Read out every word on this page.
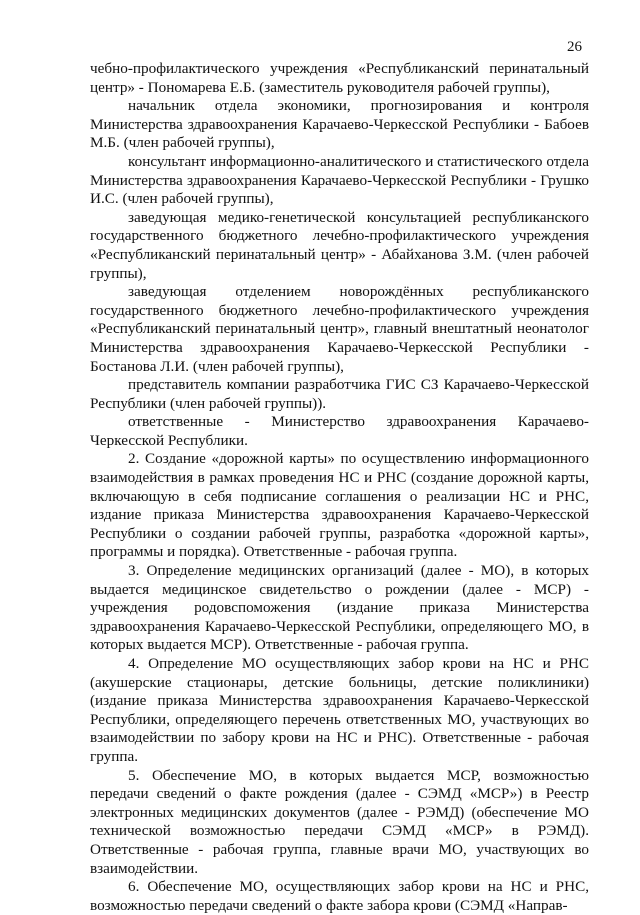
26

чебно-профилактического учреждения «Республиканский перинатальный центр» - Пономарева Е.Б. (заместитель руководителя рабочей группы),

начальник отдела экономики, прогнозирования и контроля Министерства здравоохранения Карачаево-Черкесской Республики - Бабоев М.Б. (член рабочей группы),

консультант информационно-аналитического и статистического отдела Министерства здравоохранения Карачаево-Черкесской Республики - Грушко И.С. (член рабочей группы),

заведующая медико-генетической консультацией республиканского государственного бюджетного лечебно-профилактического учреждения «Республиканский перинатальный центр» - Абайханова З.М. (член рабочей группы),

заведующая отделением новорождённых республиканского государственного бюджетного лечебно-профилактического учреждения «Республиканский перинатальный центр», главный внештатный неонатолог Министерства здравоохранения Карачаево-Черкесской Республики - Бостанова Л.И. (член рабочей группы),

представитель компании разработчика ГИС СЗ Карачаево-Черкесской Республики (член рабочей группы)).

ответственные - Министерство здравоохранения Карачаево-Черкесской Республики.

2. Создание «дорожной карты» по осуществлению информационного взаимодействия в рамках проведения НС и РНС (создание дорожной карты, включающую в себя подписание соглашения о реализации НС и РНС, издание приказа Министерства здравоохранения Карачаево-Черкесской Республики о создании рабочей группы, разработка «дорожной карты», программы и порядка). Ответственные - рабочая группа.

3. Определение медицинских организаций (далее - МО), в которых выдается медицинское свидетельство о рождении (далее - МСР) - учреждения родовспоможения (издание приказа Министерства здравоохранения Карачаево-Черкесской Республики, определяющего МО, в которых выдается МСР). Ответственные - рабочая группа.

4. Определение МО осуществляющих забор крови на НС и РНС (акушерские стационары, детские больницы, детские поликлиники) (издание приказа Министерства здравоохранения Карачаево-Черкесской Республики, определяющего перечень ответственных МО, участвующих во взаимодействии по забору крови на НС и РНС). Ответственные - рабочая группа.

5. Обеспечение МО, в которых выдается МСР, возможностью передачи сведений о факте рождения (далее - СЭМД «МСР») в Реестр электронных медицинских документов (далее - РЭМД) (обеспечение МО технической возможностью передачи СЭМД «МСР» в РЭМД). Ответственные - рабочая группа, главные врачи МО, участвующих во взаимодействии.

6. Обеспечение МО, осуществляющих забор крови на НС и РНС, возможностью передачи сведений о факте забора крови (СЭМД «Направ-
